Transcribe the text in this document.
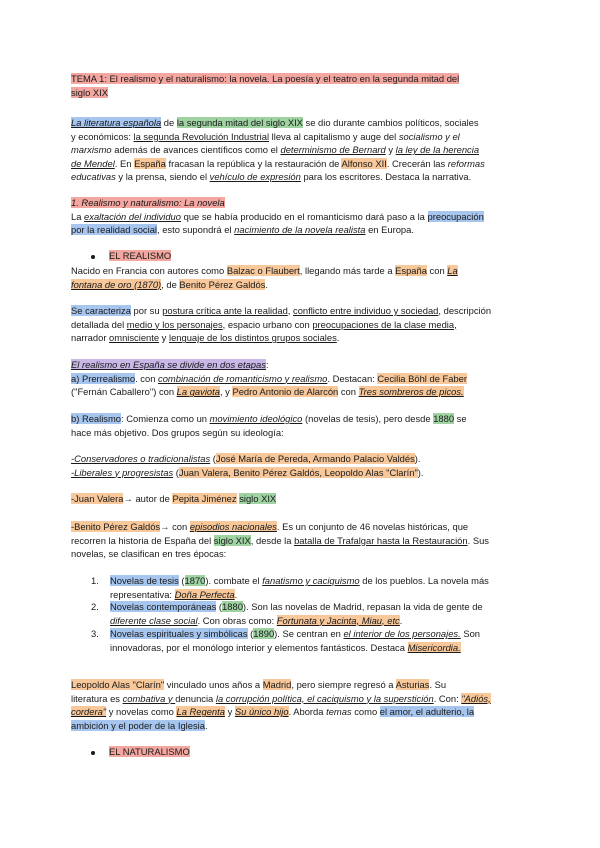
TEMA 1: El realismo y el naturalismo: la novela. La poesía y el teatro en la segunda mitad del
siglo XIX

La literatura española de la segunda mitad del siglo XIX se dio durante cambios políticos, sociales
y económicos: la segunda Revolución Industrial lleva al capitalismo y auge del socialismo y el
marxismo además de avances científicos como el determinismo de Bernard y la ley de la herencia
de Mendel. En España fracasan la república y la restauración de Alfonso XII. Crecerán las reformas
educativas y la prensa, siendo el vehículo de expresión para los escritores. Destaca la narrativa.

1. Realismo y naturalismo: La novela
La exaltación del individuo que se había producido en el romanticismo dará paso a la preocupación
por la realidad social, esto supondrá el nacimiento de la novela realista en Europa.

EL REALISMO

Nacido en Francia con autores como Balzac o Flaubert, llegando más tarde a España con La
fontana de oro (1870), de Benito Pérez Galdós.

Se caracteriza por su postura crítica ante la realidad, conflicto entre individuo y sociedad, descripción
detallada del medio y los personajes, espacio urbano con preocupaciones de la clase media,
narrador omnisciente y lenguaje de los distintos grupos sociales.

El realismo en España se divide en dos etapas:
a) Prerrealismo. con combinación de romanticismo y realismo. Destacan: Cecilia Böhl de Faber
("Fernán Caballero") con La gaviota, y Pedro Antonio de Alarcón con Tres sombreros de picos.

b) Realismo: Comienza como un movimiento ideológico (novelas de tesis), pero desde 1880 se
hace más objetivo. Dos grupos según su ideología:

-Conservadores o tradicionalistas (José María de Pereda, Armando Palacio Valdés).
-Liberales y progresistas (Juan Valera, Benito Pérez Galdós, Leopoldo Alas "Clarín").

-Juan Valera→ autor de Pepita Jiménez siglo XIX

-Benito Pérez Galdós→ con episodios nacionales. Es un conjunto de 46 novelas históricas, que
recorren la historia de España del siglo XIX, desde la batalla de Trafalgar hasta la Restauración. Sus
novelas, se clasifican en tres épocas:

1. Novelas de tesis (1870). combate el fanatismo y caciquismo de los pueblos. La novela más
representativa: Doña Perfecta.
2. Novelas contemporáneas (1880). Son las novelas de Madrid, repasan la vida de gente de
diferente clase social. Con obras como: Fortunata y Jacinta, Miau, etc.
3. Novelas espirituales y simbólicas (1890). Se centran en el interior de los personajes. Son
innovadoras, por el monólogo interior y elementos fantásticos. Destaca Misericordia.

Leopoldo Alas "Clarín" vinculado unos años a Madrid, pero siempre regresó a Asturias. Su
literatura es combativa y denuncia la corrupción política, el caciquismo y la superstición. Con: "Adiós,
cordera" y novelas como La Regenta y Su único hijo. Aborda temas como el amor, el adulterio, la
ambición y el poder de la Iglesia.

EL NATURALISMO
